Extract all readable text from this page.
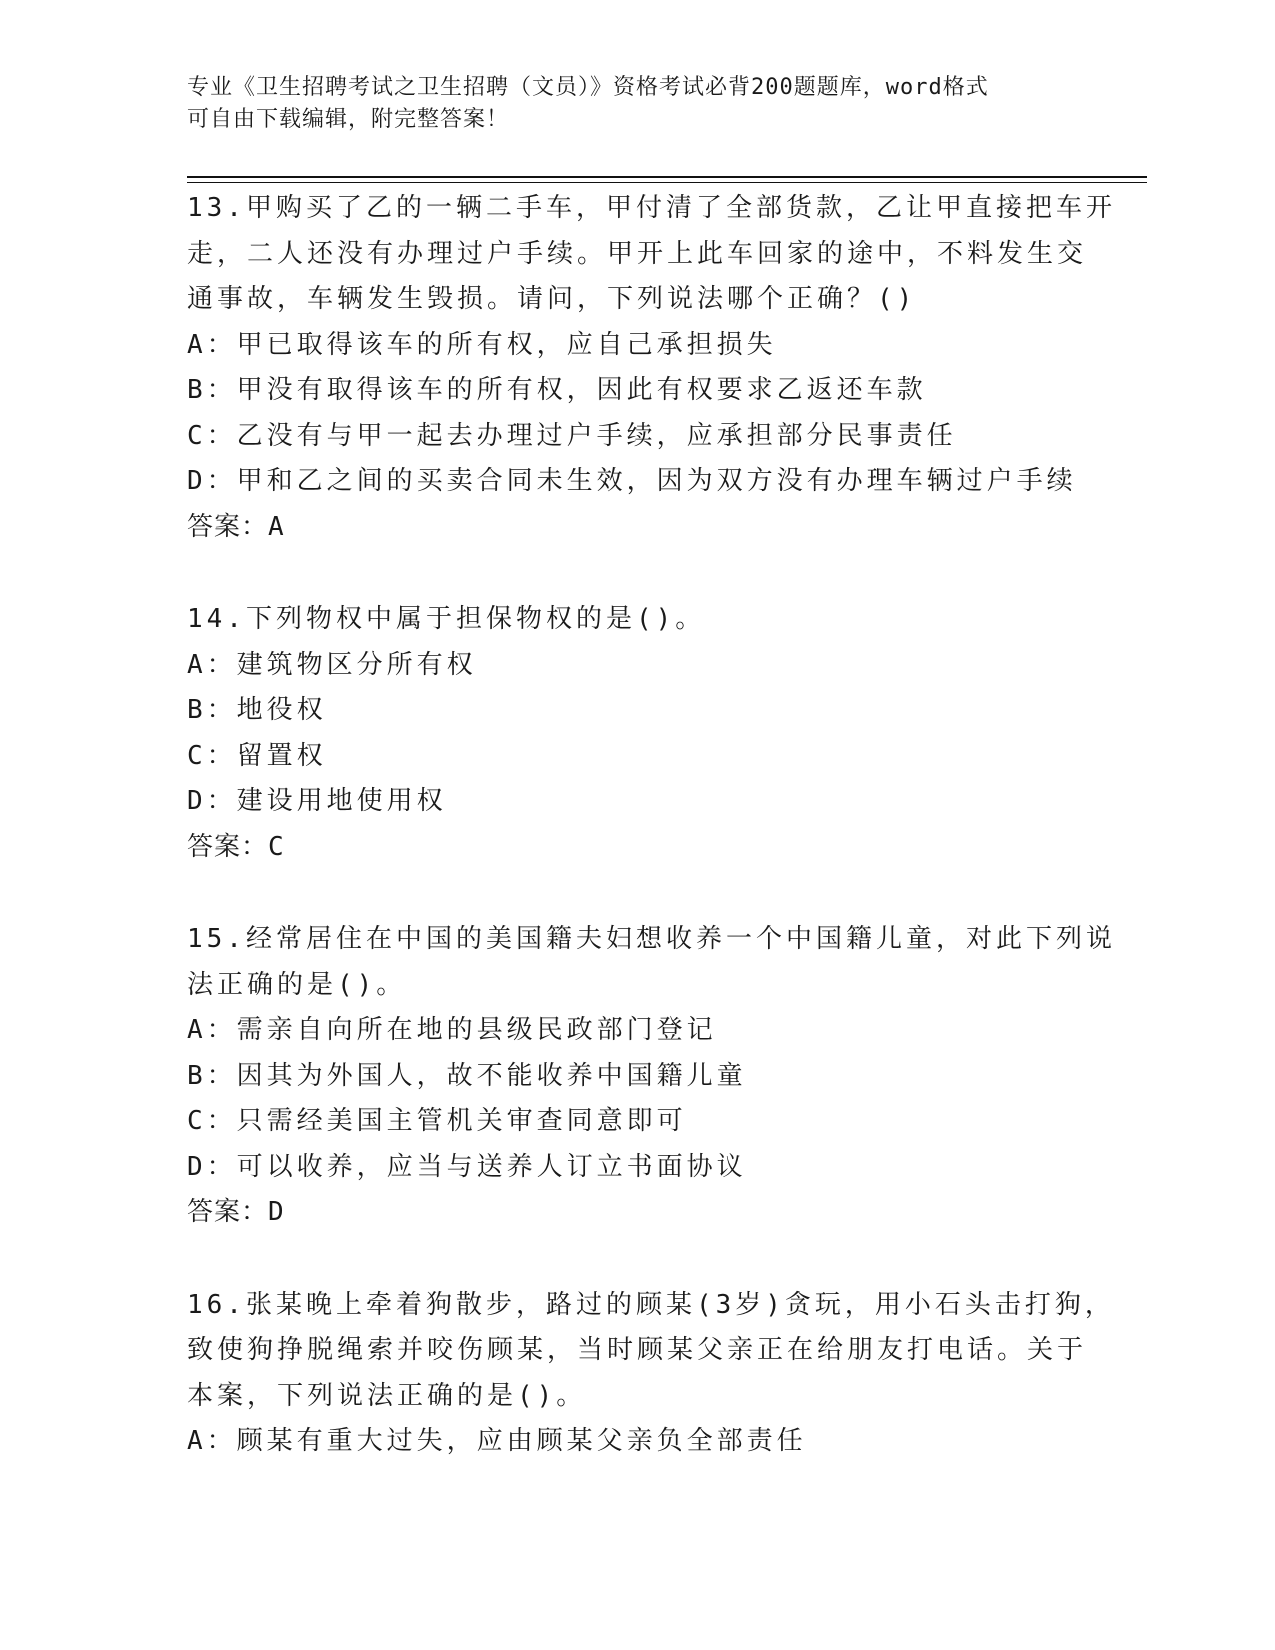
专业《卫生招聘考试之卫生招聘（文员）》资格考试必背200题题库，word格式
可自由下载编辑，附完整答案！
13.甲购买了乙的一辆二手车，甲付清了全部货款，乙让甲直接把车开
走，二人还没有办理过户手续。甲开上此车回家的途中，不料发生交
通事故，车辆发生毁损。请问，下列说法哪个正确？()
A：甲已取得该车的所有权，应自己承担损失
B：甲没有取得该车的所有权，因此有权要求乙返还车款
C：乙没有与甲一起去办理过户手续，应承担部分民事责任
D：甲和乙之间的买卖合同未生效，因为双方没有办理车辆过户手续
答案：A
14.下列物权中属于担保物权的是()。
A：建筑物区分所有权
B：地役权
C：留置权
D：建设用地使用权
答案：C
15.经常居住在中国的美国籍夫妇想收养一个中国籍儿童，对此下列说
法正确的是()。
A：需亲自向所在地的县级民政部门登记
B：因其为外国人，故不能收养中国籍儿童
C：只需经美国主管机关审查同意即可
D：可以收养，应当与送养人订立书面协议
答案：D
16.张某晚上牵着狗散步，路过的顾某(3岁)贪玩，用小石头击打狗，
致使狗挣脱绳索并咬伤顾某，当时顾某父亲正在给朋友打电话。关于
本案，下列说法正确的是()。
A：顾某有重大过失，应由顾某父亲负全部责任
